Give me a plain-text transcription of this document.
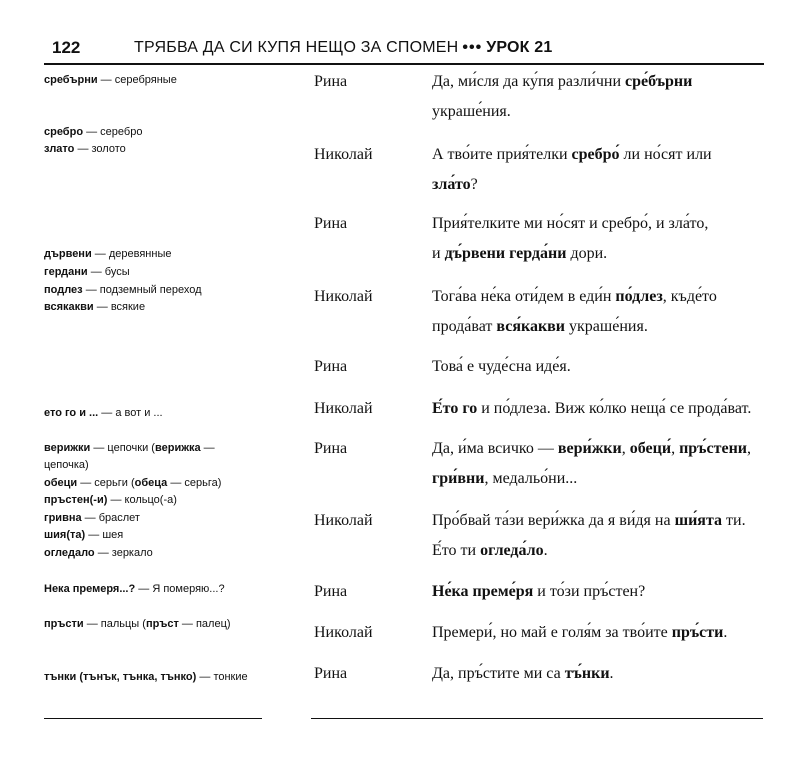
122	ТРЯБВА ДА СИ КУПЯ НЕЩО ЗА СПОМЕН ••• УРОК 21
сребърни — серебряные
сребро — серебро
злато — золото
дървени — деревянные
гердани — бусы
подлез — подземный переход
всякакви — всякие
ето го и ... — а вот и ...
верижки — цепочки (верижка —
цепочка)
обеци — серьги (обеца — серьга)
пръстен(-и) — кольцо(-а)
гривна — браслет
шия(та) — шея
огледало — зеркало
Нека премеря...? — Я померяю...?
пръсти — пальцы (пръст — палец)
тънки (тънък, тънка, тънко) — тонкие
Рина	Да, ми́сля да ку́пя разли́чни сре́бърни
украше́ния.
Николай	А тво́ите прия́телки сребро́ ли но́сят или
зла́то?
Рина	Прия́телките ми но́сят и сребро́, и зла́то,
и дъ́рвени герда́ни дори.
Николай	Тога́ва не́ка оти́дем в еди́н по́длез, къде́то
прода́ват вся́какви украше́ния.
Рина	Това́ е чуде́сна иде́я.
Николай	Е́то го и по́длеза. Виж ко́лко неща́ се прода́ват.
Рина	Да, и́ма всичко — вери́жки, обеци́, пръ́стени,
гри́вни, медальо́ни...
Николай	Про́бвай та́зи вери́жка да я ви́дя на ши́ята ти.
Е́то ти огледа́ло.
Рина	Не́ка преме́ря и то́зи пръ́стен?
Николай	Премери́, но май е голя́м за тво́ите пръ́сти.
Рина	Да, пръ́стите ми са тъ́нки.
